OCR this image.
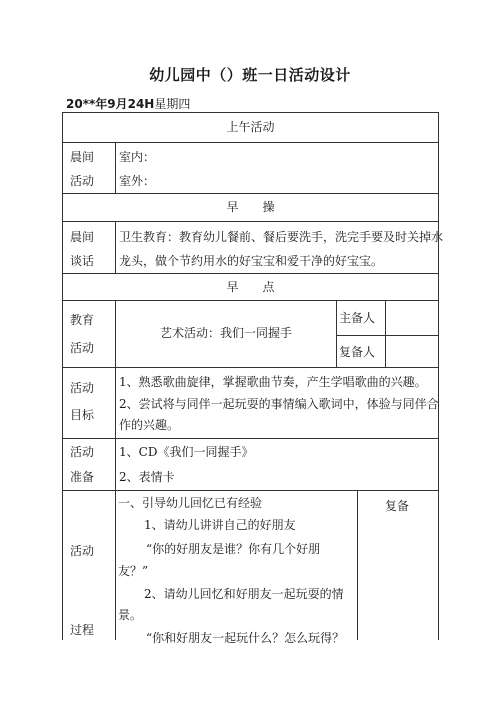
幼儿园中（）班一日活动设计
20**年9月24H星期四
上午活动
晨间
活动
室内：
室外：
早　　操
晨间
谈话
卫生教育：教育幼儿餐前、餐后要洗手，洗完手要及时关掉水
龙头，做个节约用水的好宝宝和爱干净的好宝宝。
早　　点
教育
活动
艺术活动：我们一同握手
主备人
复备人
活动
目标
1、熟悉歌曲旋律，掌握歌曲节奏，产生学唱歌曲的兴趣。
2、尝试将与同伴一起玩耍的事情编入歌词中，体验与同伴合
作的兴趣。
活动
准备
1、CD《我们一同握手》
2、表情卡
活动
过程
复备
一、引导幼儿回忆已有经验
1、请幼儿讲讲自己的好朋友
“你的好朋友是谁？你有几个好朋
友？”
2、请幼儿回忆和好朋友一起玩耍的情
景。
“你和好朋友一起玩什么？怎么玩得？
